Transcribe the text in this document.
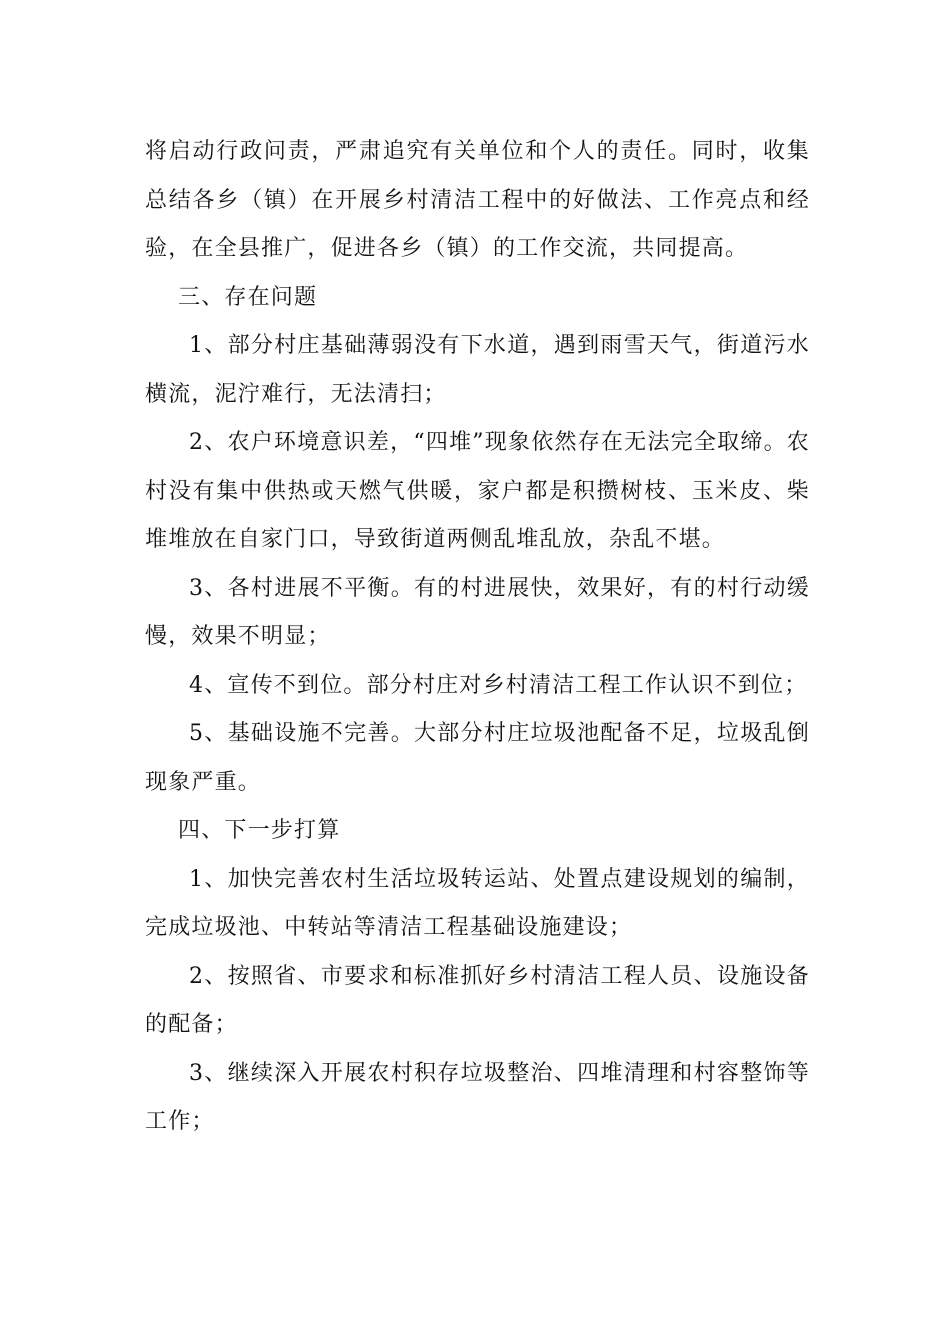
将启动行政问责，严肃追究有关单位和个人的责任。同时，收集总结各乡（镇）在开展乡村清洁工程中的好做法、工作亮点和经验，在全县推广，促进各乡（镇）的工作交流，共同提高。

三、存在问题

1、部分村庄基础薄弱没有下水道，遇到雨雪天气，街道污水横流，泥泞难行，无法清扫；

2、农户环境意识差，“四堆”现象依然存在无法完全取缔。农村没有集中供热或天燃气供暖，家户都是积攒树枝、玉米皮、柴堆堆放在自家门口，导致街道两侧乱堆乱放，杂乱不堪。

3、各村进展不平衡。有的村进展快，效果好，有的村行动缓慢，效果不明显；

4、宣传不到位。部分村庄对乡村清洁工程工作认识不到位；

5、基础设施不完善。大部分村庄垃圾池配备不足，垃圾乱倒现象严重。

四、下一步打算

1、加快完善农村生活垃圾转运站、处置点建设规划的编制，完成垃圾池、中转站等清洁工程基础设施建设；

2、按照省、市要求和标准抓好乡村清洁工程人员、设施设备的配备；

3、继续深入开展农村积存垃圾整治、四堆清理和村容整饰等工作；
